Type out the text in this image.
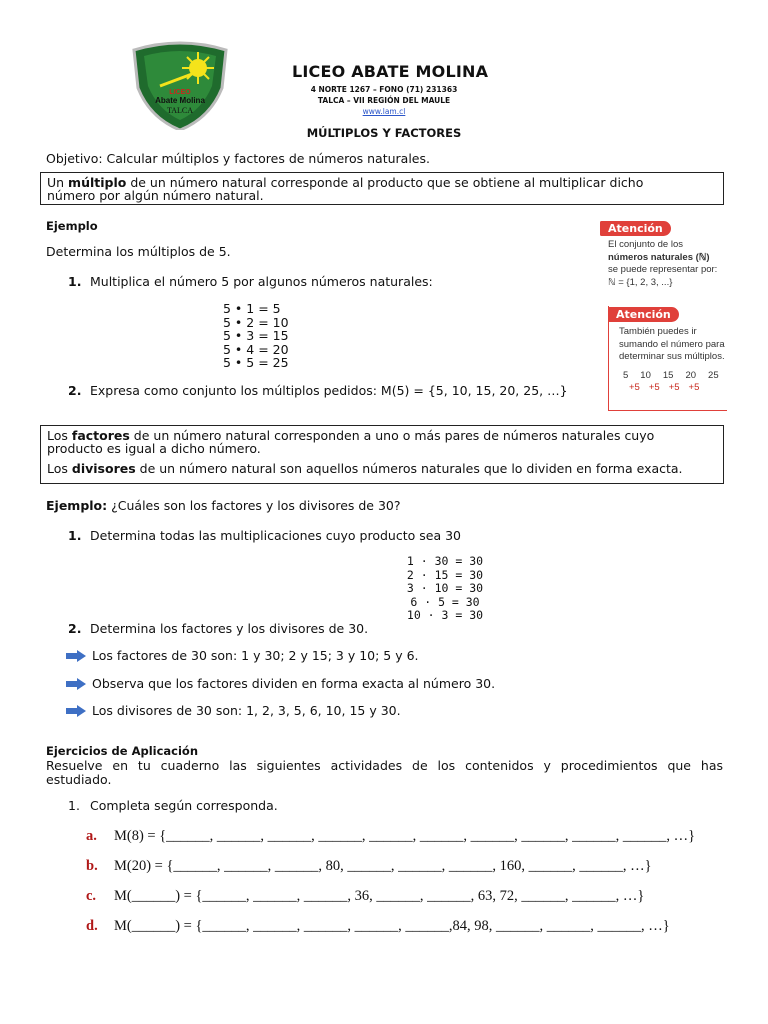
LICEO
Abate Molina
TALCA
LICEO ABATE MOLINA
4 NORTE 1267 – FONO (71) 231363
TALCA – VII REGIÓN DEL MAULE
www.lam.cl
MÚLTIPLOS Y FACTORES
Objetivo: Calcular múltiplos y factores de números naturales.
Un múltiplo de un número natural corresponde al producto que se obtiene al multiplicar dicho
número por algún número natural.
Ejemplo
Determina los múltiplos de 5.
1. Multiplica el número 5 por algunos números naturales:
5 • 1 = 5
5 • 2 = 10
5 • 3 = 15
5 • 4 = 20
5 • 5 = 25
2. Expresa como conjunto los múltiplos pedidos: M(5) = {5, 10, 15, 20, 25, …}
Atención
El conjunto de los
números naturales (ℕ)
se puede representar por:
ℕ = {1, 2, 3, ...}
Atención
También puedes ir
sumando el número para
determinar sus múltiplos.
5 10 15 20 25
+5 +5 +5 +5
Los factores de un número natural corresponden a uno o más pares de números naturales cuyo
producto es igual a dicho número.

Los divisores de un número natural son aquellos números naturales que lo dividen en forma exacta.
Ejemplo: ¿Cuáles son los factores y los divisores de 30?
1. Determina todas las multiplicaciones cuyo producto sea 30
1 · 30 = 30
2 · 15 = 30
3 · 10 = 30
6 · 5 = 30
10 · 3 = 30
2. Determina los factores y los divisores de 30.
Los factores de 30 son: 1 y 30; 2 y 15; 3 y 10; 5 y 6.
Observa que los factores dividen en forma exacta al número 30.
Los divisores de 30 son: 1, 2, 3, 5, 6, 10, 15 y 30.
Ejercicios de Aplicación
Resuelve en tu cuaderno las siguientes actividades de los contenidos y procedimientos que has
estudiado.
1. Completa según corresponda.
a.	M(8) = {______, ______, ______, ______, ______, ______, ______, ______, ______, ______, …}
b.	M(20) = {______, ______, ______, 80, ______, ______, ______, 160, ______, ______, …}
c.	M(______) = {______, ______, ______, 36, ______, ______, 63, 72, ______, ______, …}
d.	M(______) = {______, ______, ______, ______, ______,84, 98, ______, ______, ______, …}
